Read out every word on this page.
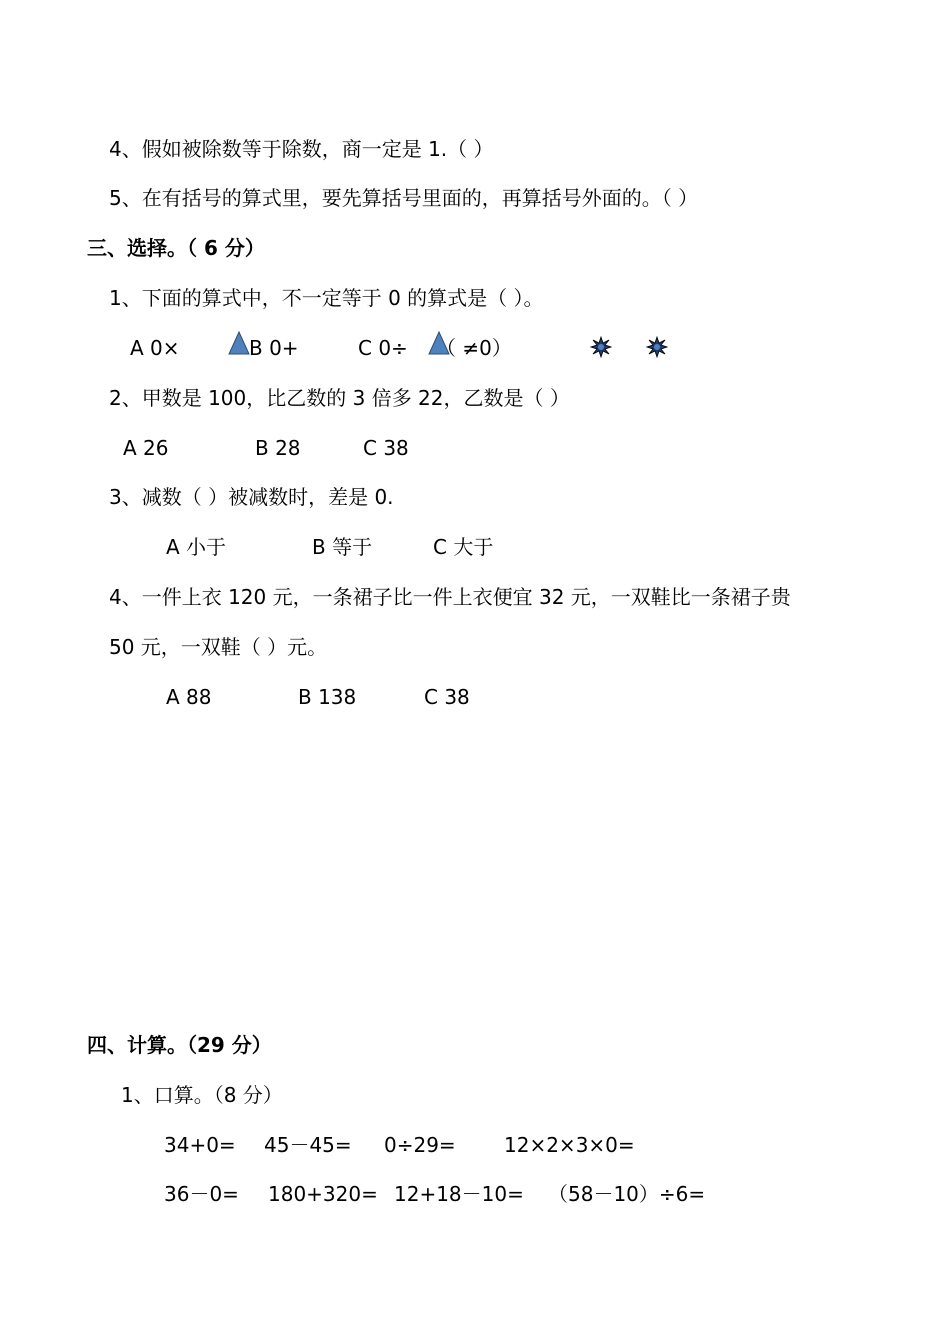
4、假如被除数等于除数，商一定是 1.（ ）
5、在有括号的算式里，要先算括号里面的，再算括号外面的。（ ）
三、选择。（ 6 分）
1、下面的算式中，不一定等于 0 的算式是（ ）。
A 0×	B 0+	C 0÷ （ ≠0）
2、甲数是 100，比乙数的 3 倍多 22，乙数是（ ）
A 26	B 28	C 38
3、减数（ ）被减数时，差是 0.
A 小于	B 等于	C 大于
4、一件上衣 120 元，一条裙子比一件上衣便宜 32 元，一双鞋比一条裙子贵
50 元，一双鞋（ ）元。
A 88	B 138	C 38
四、计算。（29 分）
1、口算。（8 分）
34+0= 45－45= 0÷29= 12×2×3×0=
36－0= 180+320= 12+18－10= （58－10）÷6=
